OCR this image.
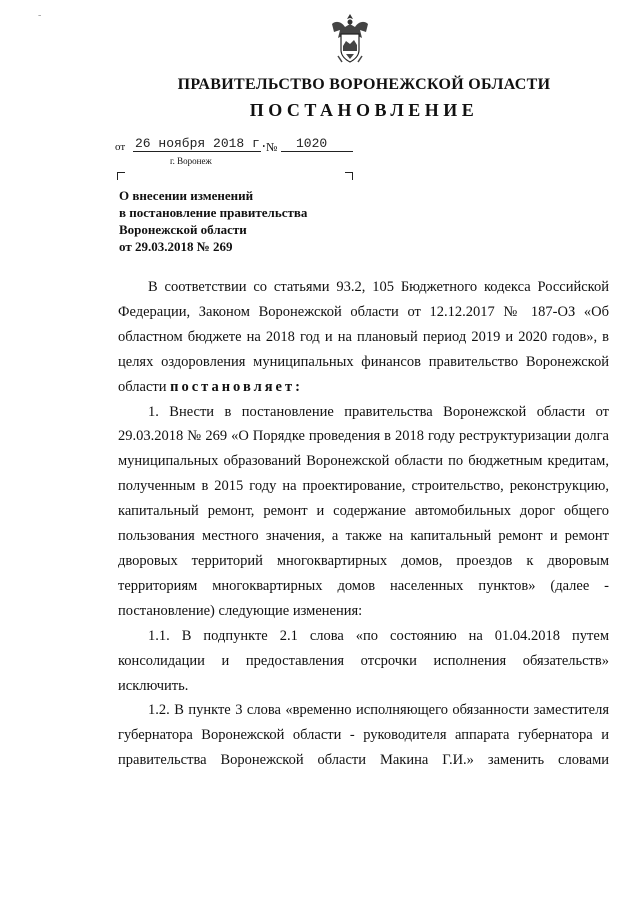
-
ПРАВИТЕЛЬСТВО ВОРОНЕЖСКОЙ ОБЛАСТИ
ПОСТАНОВЛЕНИЕ
от 26 ноября 2018 г.
№ 1020
г. Воронеж
О внесении изменений
в постановление правительства
Воронежской области
от 29.03.2018 № 269

В соответствии со статьями 93.2, 105 Бюджетного кодекса Российской Федерации, Законом Воронежской области от 12.12.2017 № 187-ОЗ «Об областном бюджете на 2018 год и на плановый период 2019 и 2020 годов», в целях оздоровления муниципальных финансов правительство Воронежской области постановляет:

1. Внести в постановление правительства Воронежской области от 29.03.2018 № 269 «О Порядке проведения в 2018 году реструктуризации долга муниципальных образований Воронежской области по бюджетным кредитам, полученным в 2015 году на проектирование, строительство, реконструкцию, капитальный ремонт, ремонт и содержание автомобильных дорог общего пользования местного значения, а также на капитальный ремонт и ремонт дворовых территорий многоквартирных домов, проездов к дворовым территориям многоквартирных домов населенных пунктов» (далее - постановление) следующие изменения:

1.1. В подпункте 2.1 слова «по состоянию на 01.04.2018 путем консолидации и предоставления отсрочки исполнения обязательств» исключить.

1.2. В пункте 3 слова «временно исполняющего обязанности заместителя губернатора Воронежской области - руководителя аппарата губернатора и правительства Воронежской области Макина Г.И.» заменить словами
